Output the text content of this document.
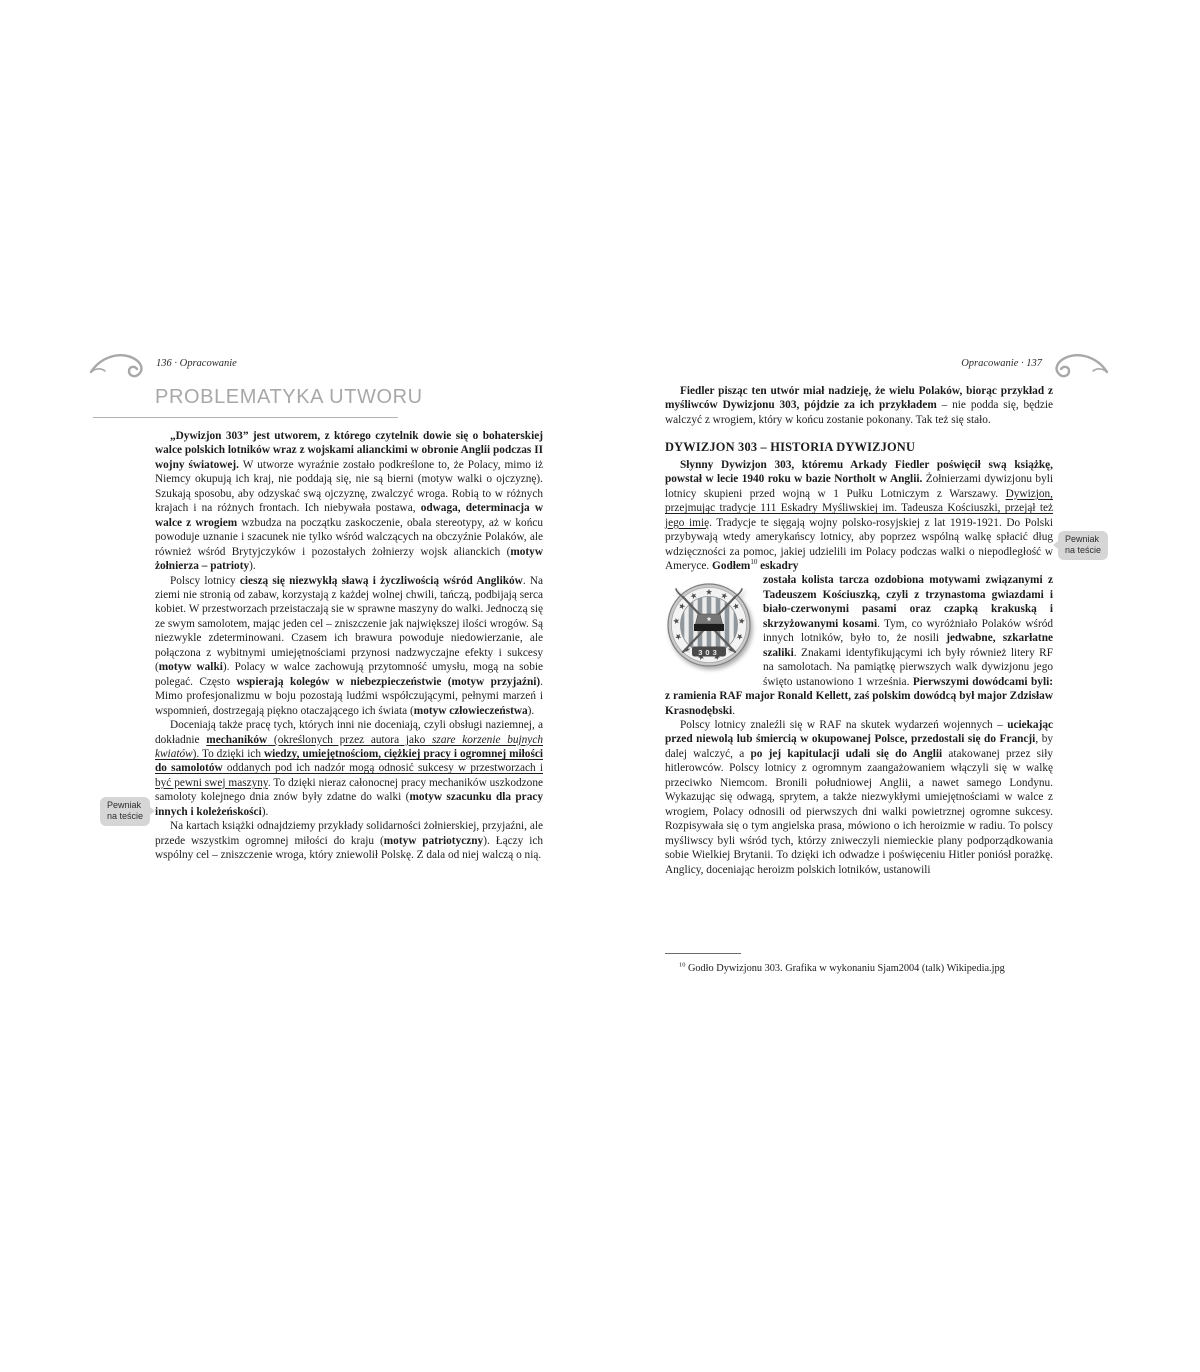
136 · Opracowanie
PROBLEMATYKA UTWORU

„Dywizjon 303” jest utworem, z którego czytelnik dowie się o bohaterskiej walce polskich lotników wraz z wojskami alianckimi w obronie Anglii podczas II wojny światowej. W utworze wyraźnie zostało podkreślone to, że Polacy, mimo iż Niemcy okupują ich kraj, nie poddają się, nie są bierni (motyw walki o ojczyznę). Szukają sposobu, aby odzyskać swą ojczyznę, zwalczyć wroga. Robią to w różnych krajach i na różnych frontach. Ich niebywała postawa, odwaga, determinacja w walce z wrogiem wzbudza na początku zaskoczenie, obala stereotypy, aż w końcu powoduje uznanie i szacunek nie tylko wśród walczących na obczyźnie Polaków, ale również wśród Brytyjczyków i pozostałych żołnierzy wojsk alianckich (motyw żołnierza – patrioty).

Polscy lotnicy cieszą się niezwykłą sławą i życzliwością wśród Anglików. Na ziemi nie stronią od zabaw, korzystają z każdej wolnej chwili, tańczą, podbijają serca kobiet. W przestworzach przeistaczają sie w sprawne maszyny do walki. Jednoczą się ze swym samolotem, mając jeden cel – zniszczenie jak największej ilości wrogów. Są niezwykle zdeterminowani. Czasem ich brawura powoduje niedowierzanie, ale połączona z wybitnymi umiejętnościami przynosi nadzwyczajne efekty i sukcesy (motyw walki). Polacy w walce zachowują przytomność umysłu, mogą na sobie polegać. Często wspierają kolegów w niebezpieczeństwie (motyw przyjaźni). Mimo profesjonalizmu w boju pozostają ludźmi współczującymi, pełnymi marzeń i wspomnień, dostrzegają piękno otaczającego ich świata (motyw człowieczeństwa).

Doceniają także pracę tych, których inni nie doceniają, czyli obsługi naziemnej, a dokładnie mechaników (określonych przez autora jako szare korzenie bujnych kwiatów). To dzięki ich wiedzy, umiejętnościom, ciężkiej pracy i ogromnej miłości do samolotów oddanych pod ich nadzór mogą odnosić sukcesy w przestworzach i być pewni swej maszyny. To dzięki nieraz całonocnej pracy mechaników uszkodzone samoloty kolejnego dnia znów były zdatne do walki (motyw szacunku dla pracy innych i koleżeńskości).

Na kartach książki odnajdziemy przykłady solidarności żołnierskiej, przyjaźni, ale przede wszystkim ogromnej miłości do kraju (motyw patriotyczny). Łączy ich wspólny cel – zniszczenie wroga, który zniewolił Polskę. Z dala od niej walczą o nią.

Pewniak
na teście
Opracowanie · 137

Fiedler pisząc ten utwór miał nadzieję, że wielu Polaków, biorąc przykład z myśliwców Dywizjonu 303, pójdzie za ich przykładem – nie podda się, będzie walczyć z wrogiem, który w końcu zostanie pokonany. Tak też się stało.

DYWIZJON 303 – HISTORIA DYWIZJONU

Słynny Dywizjon 303, któremu Arkady Fiedler poświęcił swą książkę, powstał w lecie 1940 roku w bazie Northolt w Anglii. Żołnierzami dywizjonu byli lotnicy skupieni przed wojną w 1 Pułku Lotniczym z Warszawy. Dywizjon, przejmując tradycje 111 Eskadry Myśliwskiej im. Tadeusza Kościuszki, przejął też jego imię. Tradycje te sięgają wojny polsko-rosyjskiej z lat 1919-1921. Do Polski przybywają wtedy amerykańscy lotnicy, aby poprzez wspólną walkę spłacić dług wdzięczności za pomoc, jakiej udzielili im Polacy podczas walki o niepodległość w Ameryce. Godłem$^{10}$ eskadry

303
została kolista tarcza ozdobiona motywami związanymi z Tadeuszem Kościuszką, czyli z trzynastoma gwiazdami i biało-czerwonymi pasami oraz czapką krakuską i skrzyżowanymi kosami. Tym, co wyróżniało Polaków wśród innych lotników, było to, że nosili jedwabne, szkarłatne szaliki. Znakami identyfikującymi ich były również litery RF na samolotach. Na pamiątkę pierwszych walk dywizjonu jego święto ustanowiono 1 września. Pierwszymi dowódcami byli: z ramienia RAF major Ronald Kellett, zaś polskim dowódcą był major Zdzisław Krasnodębski.

Polscy lotnicy znaleźli się w RAF na skutek wydarzeń wojennych – uciekając przed niewolą lub śmiercią w okupowanej Polsce, przedostali się do Francji, by dalej walczyć, a po jej kapitulacji udali się do Anglii atakowanej przez siły hitlerowców. Polscy lotnicy z ogromnym zaangażowaniem włączyli się w walkę przeciwko Niemcom. Bronili południowej Anglii, a nawet samego Londynu. Wykazując się odwagą, sprytem, a także niezwykłymi umiejętnościami w walce z wrogiem, Polacy odnosili od pierwszych dni walki powietrznej ogromne sukcesy. Rozpisywała się o tym angielska prasa, mówiono o ich heroizmie w radiu. To polscy myśliwscy byli wśród tych, którzy zniweczyli niemieckie plany podporządkowania sobie Wielkiej Brytanii. To dzięki ich odwadze i poświęceniu Hitler poniósł porażkę. Anglicy, doceniając heroizm polskich lotników, ustanowili

Pewniak
na teście
$^{10}$ Godło Dywizjonu 303. Grafika w wykonaniu Sjam2004 (talk) Wikipedia.jpg
